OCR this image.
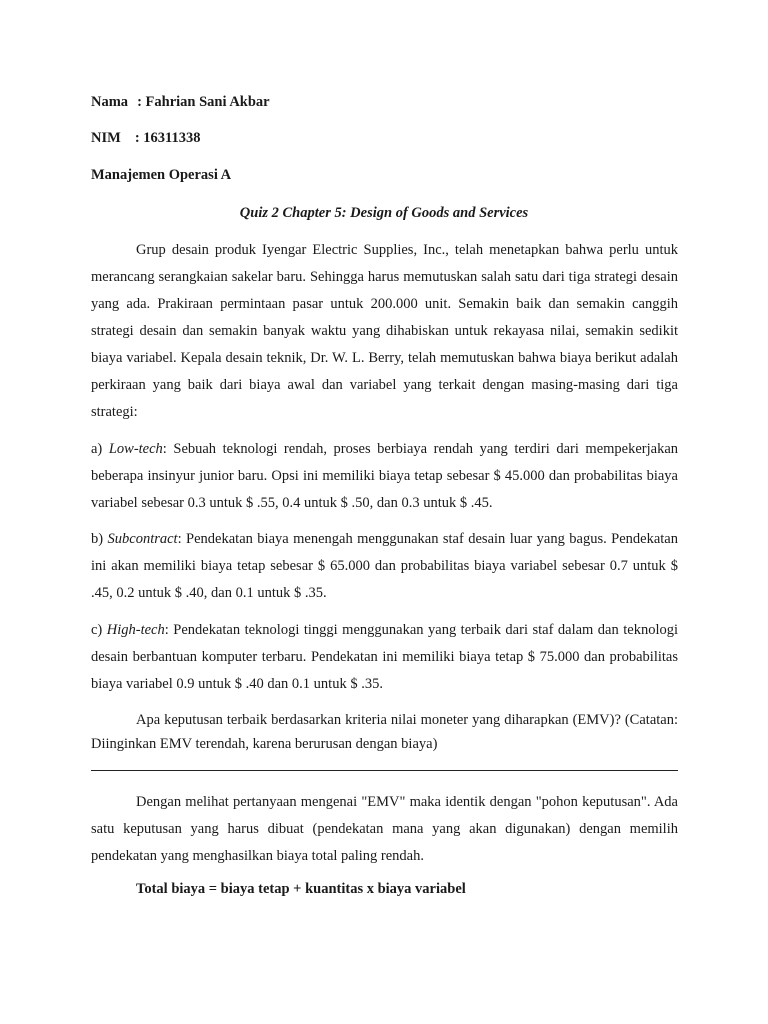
Nama : Fahrian Sani Akbar
NIM : 16311338
Manajemen Operasi A
Quiz 2 Chapter 5: Design of Goods and Services

Grup desain produk Iyengar Electric Supplies, Inc., telah menetapkan bahwa perlu untuk merancang serangkaian sakelar baru. Sehingga harus memutuskan salah satu dari tiga strategi desain yang ada. Prakiraan permintaan pasar untuk 200.000 unit. Semakin baik dan semakin canggih strategi desain dan semakin banyak waktu yang dihabiskan untuk rekayasa nilai, semakin sedikit biaya variabel. Kepala desain teknik, Dr. W. L. Berry, telah memutuskan bahwa biaya berikut adalah perkiraan yang baik dari biaya awal dan variabel yang terkait dengan masing-masing dari tiga strategi:

a) Low-tech: Sebuah teknologi rendah, proses berbiaya rendah yang terdiri dari mempekerjakan beberapa insinyur junior baru. Opsi ini memiliki biaya tetap sebesar $ 45.000 dan probabilitas biaya variabel sebesar 0.3 untuk $ .55, 0.4 untuk $ .50, dan 0.3 untuk $ .45.

b) Subcontract: Pendekatan biaya menengah menggunakan staf desain luar yang bagus. Pendekatan ini akan memiliki biaya tetap sebesar $ 65.000 dan probabilitas biaya variabel sebesar 0.7 untuk $ .45, 0.2 untuk $ .40, dan 0.1 untuk $ .35.

c) High-tech: Pendekatan teknologi tinggi menggunakan yang terbaik dari staf dalam dan teknologi desain berbantuan komputer terbaru. Pendekatan ini memiliki biaya tetap $ 75.000 dan probabilitas biaya variabel 0.9 untuk $ .40 dan 0.1 untuk $ .35.

Apa keputusan terbaik berdasarkan kriteria nilai moneter yang diharapkan (EMV)? (Catatan: Diinginkan EMV terendah, karena berurusan dengan biaya)

Dengan melihat pertanyaan mengenai "EMV" maka identik dengan "pohon keputusan". Ada satu keputusan yang harus dibuat (pendekatan mana yang akan digunakan) dengan memilih pendekatan yang menghasilkan biaya total paling rendah.

Total biaya = biaya tetap + kuantitas x biaya variabel
